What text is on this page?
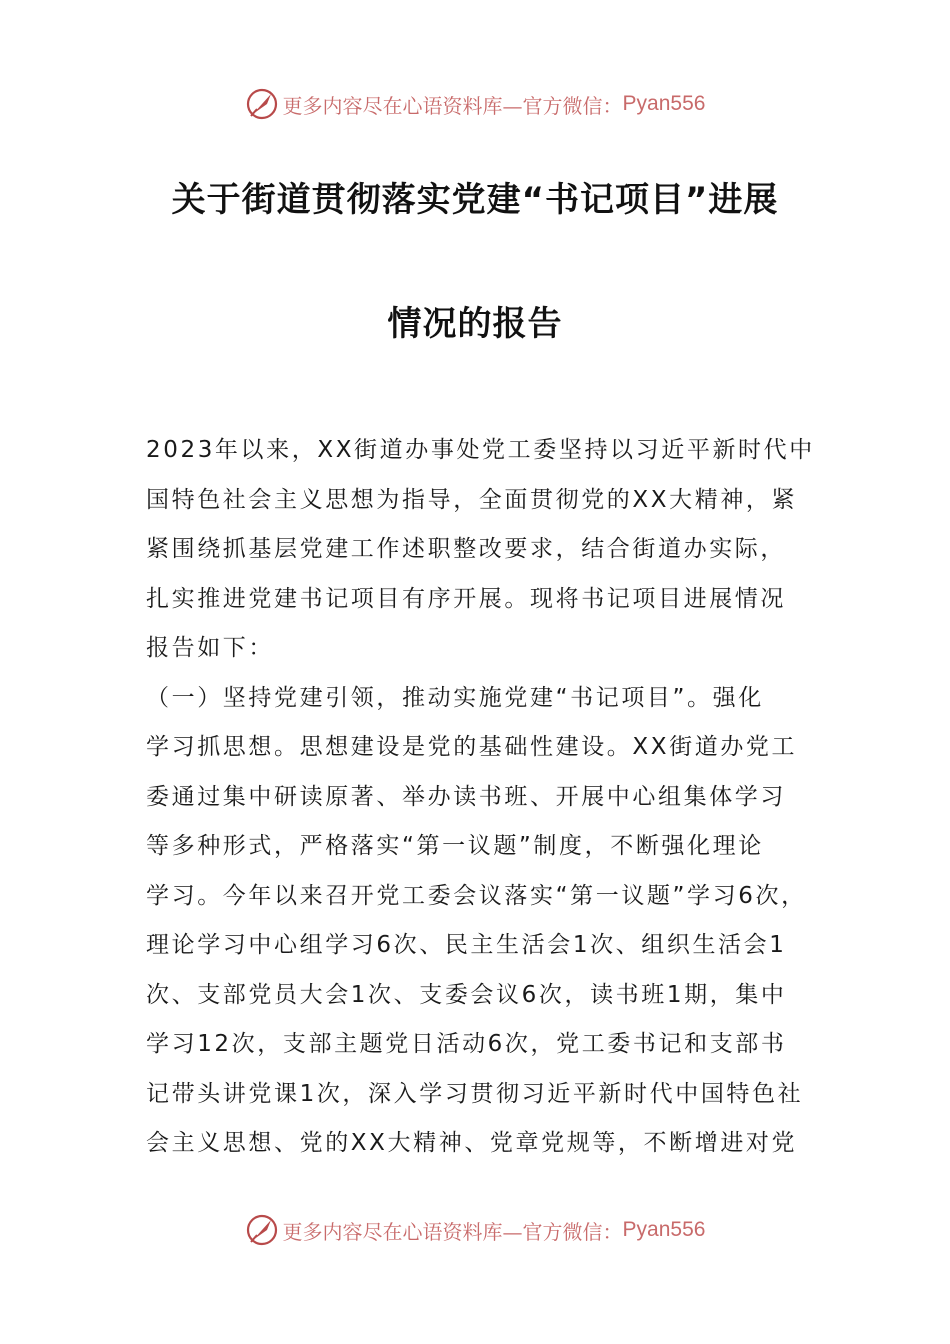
更多内容尽在心语资料库—官方微信： Pyan556
关于街道贯彻落实党建“书记项目”进展
情况的报告
2023年以来，XX街道办事处党工委坚持以习近平新时代中
国特色社会主义思想为指导，全面贯彻党的XX大精神，紧
紧围绕抓基层党建工作述职整改要求，结合街道办实际，
扎实推进党建书记项目有序开展。现将书记项目进展情况
报告如下：
（一）坚持党建引领，推动实施党建“书记项目”。强化
学习抓思想。思想建设是党的基础性建设。XX街道办党工
委通过集中研读原著、举办读书班、开展中心组集体学习
等多种形式，严格落实“第一议题”制度，不断强化理论
学习。今年以来召开党工委会议落实“第一议题”学习6次，
理论学习中心组学习6次、民主生活会1次、组织生活会1
次、支部党员大会1次、支委会议6次，读书班1期，集中
学习12次，支部主题党日活动6次，党工委书记和支部书
记带头讲党课1次，深入学习贯彻习近平新时代中国特色社
会主义思想、党的XX大精神、党章党规等，不断增进对党
更多内容尽在心语资料库—官方微信： Pyan556
